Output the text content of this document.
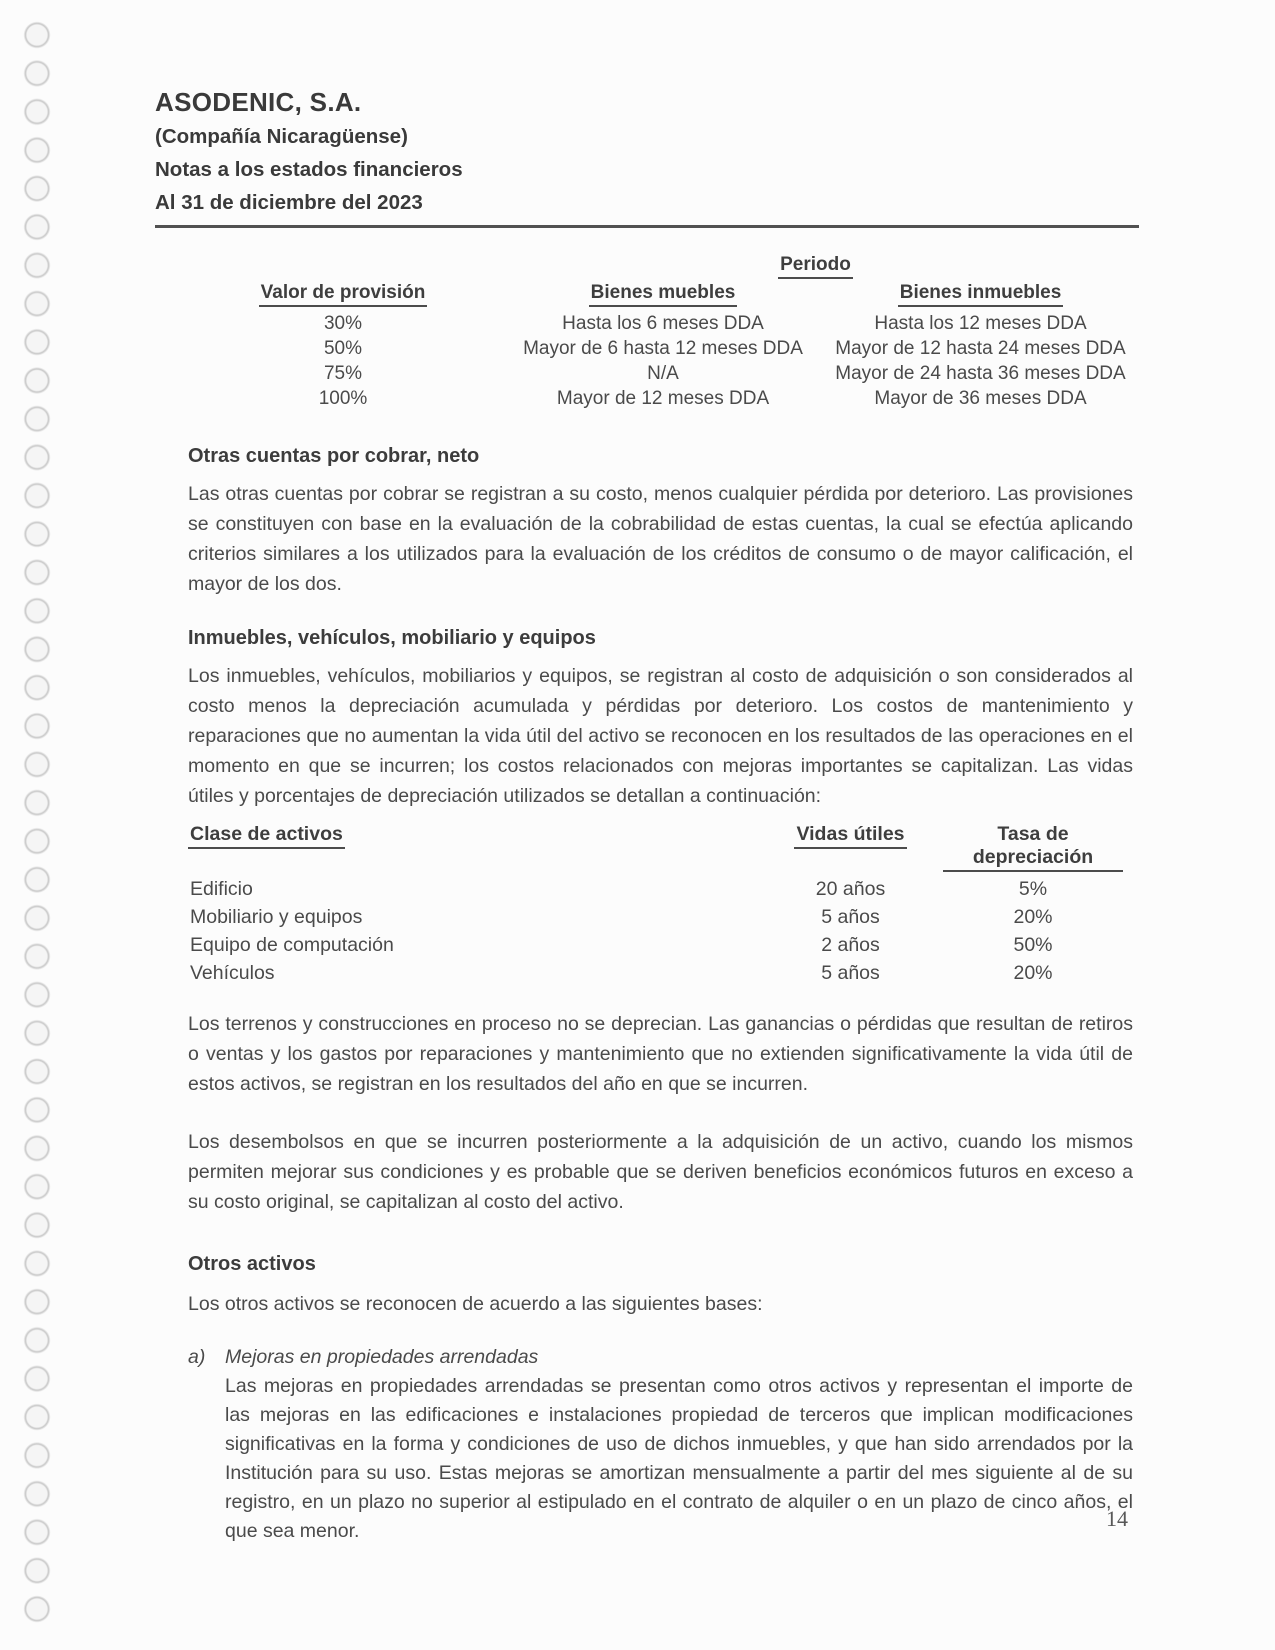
ASODENIC, S.A.
(Compañía Nicaragüense)
Notas a los estados financieros
Al 31 de diciembre del 2023
Periodo
Valor de provisión	Bienes muebles	Bienes inmuebles
30%	Hasta los 6 meses DDA	Hasta los 12 meses DDA
50%	Mayor de 6 hasta 12 meses DDA	Mayor de 12 hasta 24 meses DDA
75%	N/A	Mayor de 24 hasta 36 meses DDA
100%	Mayor de 12 meses DDA	Mayor de 36 meses DDA
Otras cuentas por cobrar, neto
Las otras cuentas por cobrar se registran a su costo, menos cualquier pérdida por deterioro. Las provisiones se constituyen con base en la evaluación de la cobrabilidad de estas cuentas, la cual se efectúa aplicando criterios similares a los utilizados para la evaluación de los créditos de consumo o de mayor calificación, el mayor de los dos.
Inmuebles, vehículos, mobiliario y equipos
Los inmuebles, vehículos, mobiliarios y equipos, se registran al costo de adquisición o son considerados al costo menos la depreciación acumulada y pérdidas por deterioro. Los costos de mantenimiento y reparaciones que no aumentan la vida útil del activo se reconocen en los resultados de las operaciones en el momento en que se incurren; los costos relacionados con mejoras importantes se capitalizan. Las vidas útiles y porcentajes de depreciación utilizados se detallan a continuación:
Clase de activos	Vidas útiles	Tasa de depreciación
Edificio	20 años	5%
Mobiliario y equipos	5 años	20%
Equipo de computación	2 años	50%
Vehículos	5 años	20%
Los terrenos y construcciones en proceso no se deprecian. Las ganancias o pérdidas que resultan de retiros o ventas y los gastos por reparaciones y mantenimiento que no extienden significativamente la vida útil de estos activos, se registran en los resultados del año en que se incurren.
Los desembolsos en que se incurren posteriormente a la adquisición de un activo, cuando los mismos permiten mejorar sus condiciones y es probable que se deriven beneficios económicos futuros en exceso a su costo original, se capitalizan al costo del activo.
Otros activos
Los otros activos se reconocen de acuerdo a las siguientes bases:
a)	Mejoras en propiedades arrendadas
Las mejoras en propiedades arrendadas se presentan como otros activos y representan el importe de las mejoras en las edificaciones e instalaciones propiedad de terceros que implican modificaciones significativas en la forma y condiciones de uso de dichos inmuebles, y que han sido arrendados por la Institución para su uso. Estas mejoras se amortizan mensualmente a partir del mes siguiente al de su registro, en un plazo no superior al estipulado en el contrato de alquiler o en un plazo de cinco años, el que sea menor.	14
